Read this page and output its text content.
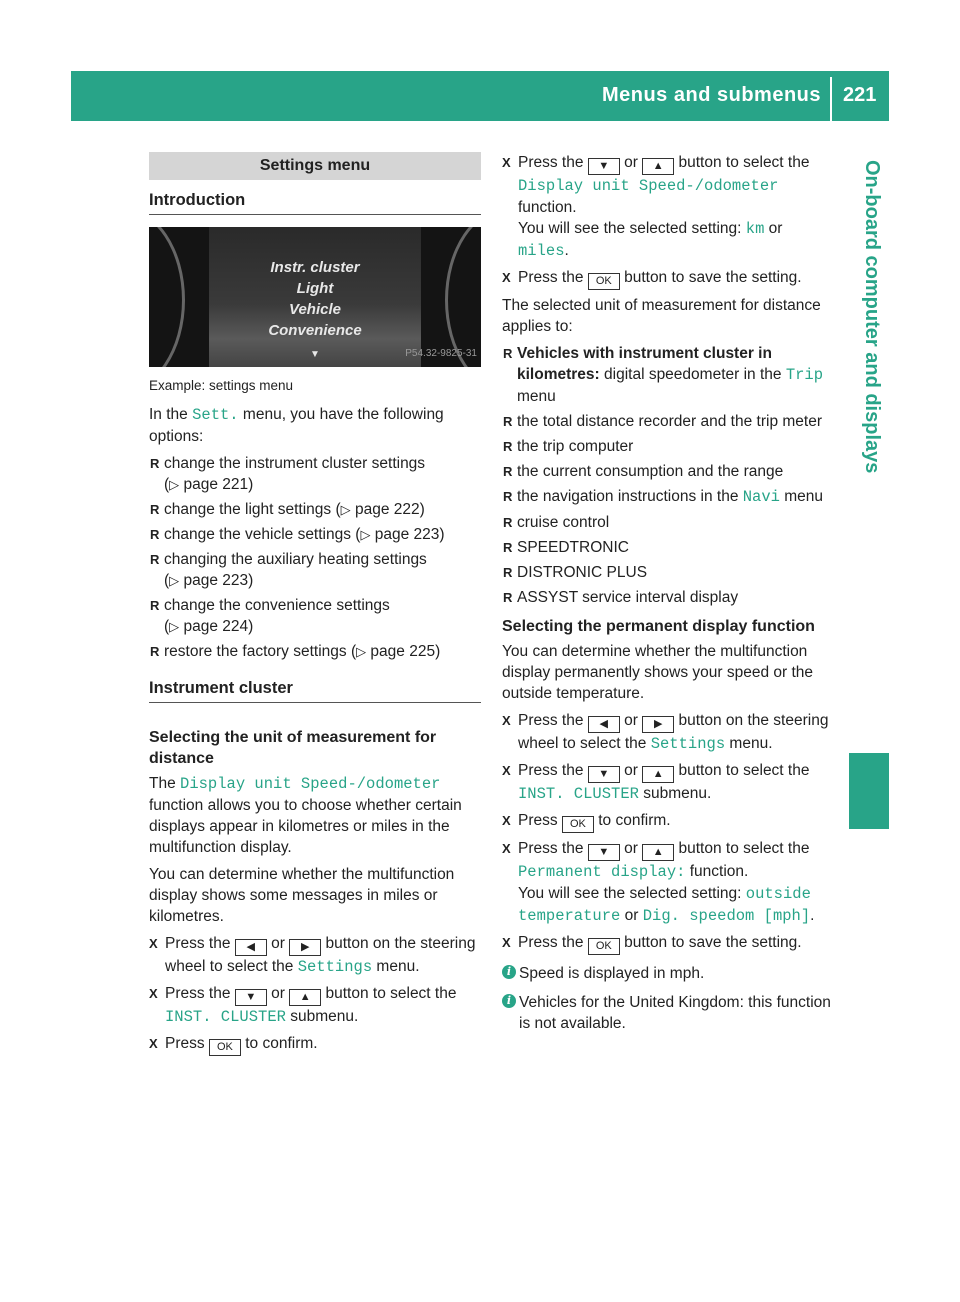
Menus and submenus 221
On-board computer and displays
Settings menu
Introduction
Instr. cluster
Light
Vehicle
Convenience
▼	P54.32-9825-31
Example: settings menu

In the Sett. menu, you have the following options:

R change the instrument cluster settings
(▷ page 221)
R change the light settings (▷ page 222)
R change the vehicle settings (▷ page 223)
R changing the auxiliary heating settings
(▷ page 223)
R change the convenience settings
(▷ page 224)
R restore the factory settings (▷ page 225)
Instrument cluster
Selecting the unit of measurement for distance

The Display unit Speed-/odometer function allows you to choose whether certain displays appear in kilometres or miles in the multifunction display.

You can determine whether the multifunction display shows some messages in miles or kilometres.

X Press the ◀ or ▶ button on the steering wheel to select the Settings menu.
X Press the ▼ or ▲ button to select the INST. CLUSTER submenu.
X Press OK to confirm.
X Press the ▼ or ▲ button to select the Display unit Speed-/odometer function.
You will see the selected setting: km or miles.
X Press the OK button to save the setting.

The selected unit of measurement for distance applies to:

R Vehicles with instrument cluster in kilometres: digital speedometer in the Trip menu
R the total distance recorder and the trip meter
R the trip computer
R the current consumption and the range
R the navigation instructions in the Navi menu
R cruise control
R SPEEDTRONIC
R DISTRONIC PLUS
R ASSYST service interval display
Selecting the permanent display function

You can determine whether the multifunction display permanently shows your speed or the outside temperature.

X Press the ◀ or ▶ button on the steering wheel to select the Settings menu.
X Press the ▼ or ▲ button to select the INST. CLUSTER submenu.
X Press OK to confirm.
X Press the ▼ or ▲ button to select the Permanent display: function.
You will see the selected setting: outside temperature or Dig. speedom [mph].
X Press the OK button to save the setting.
i Speed is displayed in mph.
i Vehicles for the United Kingdom: this function is not available.
